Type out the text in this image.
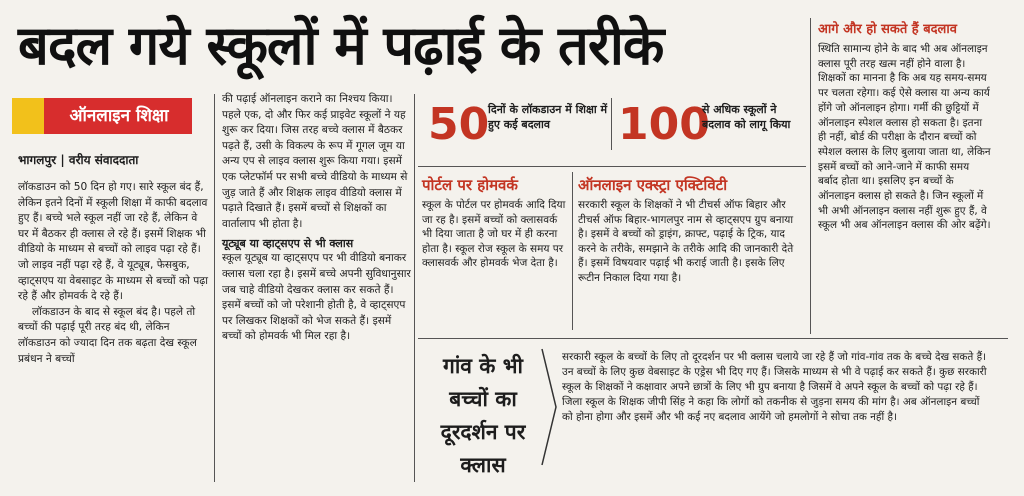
बदल गये स्कूलों में पढ़ाई के तरीके
ऑनलाइन शिक्षा
भागलपुर | वरीय संवाददाता

लॉकडाउन को 50 दिन हो गए। सारे स्कूल बंद हैं, लेकिन इतने दिनों में स्कूली शिक्षा में काफी बदलाव हुए हैं। बच्चे भले स्कूल नहीं जा रहे हैं, लेकिन वे घर में बैठकर ही क्लास ले रहे हैं। इसमें शिक्षक भी वीडियो के माध्यम से बच्चों को लाइव पढ़ा रहे हैं। जो लाइव नहीं पढ़ा रहे हैं, वे यूट्यूब, फेसबुक, व्हाट्सएप या वेबसाइट के माध्यम से बच्चों को पढ़ा रहे हैं और होमवर्क दे रहे हैं।

लॉकडाउन के बाद से स्कूल बंद है। पहले तो बच्चों की पढ़ाई पूरी तरह बंद थी, लेकिन लॉकडाउन को ज्यादा दिन तक बढ़ता देख स्कूल प्रबंधन ने बच्चों

की पढ़ाई ऑनलाइन कराने का निश्चय किया। पहले एक, दो और फिर कई प्राइवेट स्कूलों ने यह शुरू कर दिया। जिस तरह बच्चे क्लास में बैठकर पढ़ते हैं, उसी के विकल्प के रूप में गूगल जूम या अन्य एप से लाइव क्लास शुरू किया गया। इसमें एक प्लेटफॉर्म पर सभी बच्चे वीडियो के माध्यम से जुड़ जाते हैं और शिक्षक लाइव वीडियो क्लास में पढ़ाते दिखाते हैं। इसमें बच्चों से शिक्षकों का वार्तालाप भी होता है।

यूट्यूब या व्हाट्सएप से भी क्लास

स्कूल यूट्यूब या व्हाट्सएप पर भी वीडियो बनाकर क्लास चला रहा है। इसमें बच्चे अपनी सुविधानुसार जब चाहे वीडियो देखकर क्लास कर सकते हैं। इसमें बच्चों को जो परेशानी होती है, वे व्हाट्सएप पर लिखकर शिक्षकों को भेज सकते हैं। इसमें बच्चों को होमवर्क भी मिल रहा है।

50
दिनों के लॉकडाउन में शिक्षा में हुए कई बदलाव	100
से अधिक स्कूलों ने बदलाव को लागू किया
पोर्टल पर होमवर्क
स्कूल के पोर्टल पर होमवर्क आदि दिया जा रह है। इसमें बच्चों को क्लासवर्क भी दिया जाता है जो घर में ही करना होता है। स्कूल रोज स्कूल के समय पर क्लासवर्क और होमवर्क भेज देता है।
ऑनलाइन एक्स्ट्रा एक्टिविटी
सरकारी स्कूल के शिक्षकों ने भी टीचर्स ऑफ बिहार और टीचर्स ऑफ बिहार-भागलपुर नाम से व्हाट्सएप ग्रुप बनाया है। इसमें वे बच्चों को ड्राइंग, क्राफ्ट, पढ़ाई के ट्रिक, याद करने के तरीके, समझाने के तरीके आदि की जानकारी देते हैं। इसमें विषयवार पढ़ाई भी कराई जाती है। इसके लिए रूटीन निकाल दिया गया है।
आगे और हो सकते हैं बदलाव
स्थिति सामान्य होने के बाद भी अब ऑनलाइन क्लास पूरी तरह खत्म नहीं होने वाला है। शिक्षकों का मानना है कि अब यह समय-समय पर चलता रहेगा। कई ऐसे क्लास या अन्य कार्य होंगे जो ऑनलाइन होगा। गर्मी की छुट्टियों में ऑनलाइन स्पेशल क्लास हो सकता है। इतना ही नहीं, बोर्ड की परीक्षा के दौरान बच्चों को स्पेशल क्लास के लिए बुलाया जाता था, लेकिन इसमें बच्चों को आने-जाने में काफी समय बर्बाद होता था। इसलिए इन बच्चों के ऑनलाइन क्लास हो सकते है। जिन स्कूलों में भी अभी ऑनलाइन क्लास नहीं शुरू हुए हैं, वे स्कूल भी अब ऑनलाइन क्लास की ओर बढ़ेंगे।
गांव के भी बच्चों का दूरदर्शन पर क्लास
सरकारी स्कूल के बच्चों के लिए तो दूरदर्शन पर भी क्लास चलाये जा रहे हैं जो गांव-गांव तक के बच्चे देख सकते हैं। उन बच्चों के लिए कुछ वेबसाइट के एड्रेस भी दिए गए हैं। जिसके माध्यम से भी वे पढ़ाई कर सकते हैं। कुछ सरकारी स्कूल के शिक्षकों ने कक्षावार अपने छात्रों के लिए भी ग्रुप बनाया है जिसमें वे अपने स्कूल के बच्चों को पढ़ा रहे हैं। जिला स्कूल के शिक्षक जीपी सिंह ने कहा कि लोगों को तकनीक से जुड़ना समय की मांग है। अब ऑनलाइन बच्चों को होना होगा और इसमें और भी कई नए बदलाव आयेंगे जो हमलोगों ने सोचा तक नहीं है।
